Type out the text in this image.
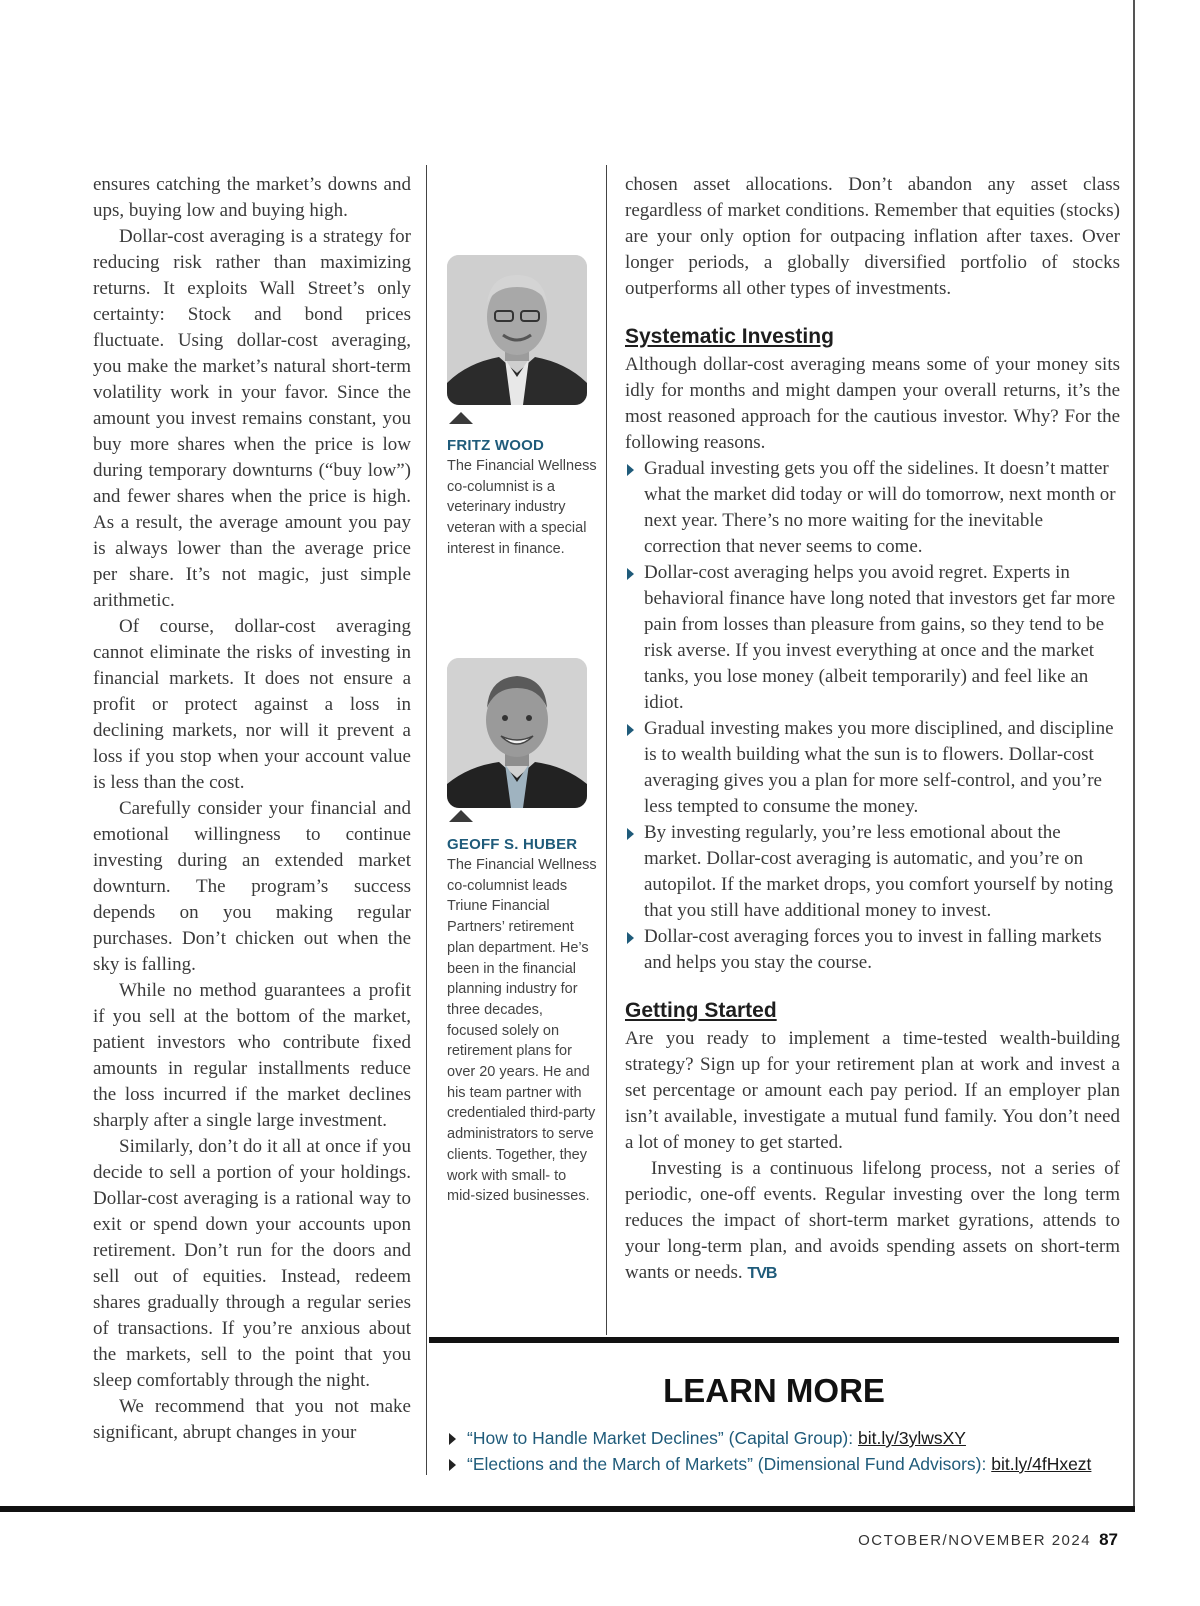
ensures catching the market’s downs and ups, buying low and buying high.

Dollar-cost averaging is a strategy for reducing risk rather than maximizing returns. It exploits Wall Street’s only certainty: Stock and bond prices fluctuate. Using dollar-cost averaging, you make the market’s natural short-term volatility work in your favor. Since the amount you invest remains constant, you buy more shares when the price is low during temporary downturns (“buy low”) and fewer shares when the price is high. As a result, the average amount you pay is always lower than the average price per share. It’s not magic, just simple arithmetic.

Of course, dollar-cost averaging cannot eliminate the risks of investing in financial markets. It does not ensure a profit or protect against a loss in declining markets, nor will it prevent a loss if you stop when your account value is less than the cost.

Carefully consider your financial and emotional willingness to continue investing during an extended market downturn. The program’s success depends on you making regular purchases. Don’t chicken out when the sky is falling.

While no method guarantees a profit if you sell at the bottom of the market, patient investors who contribute fixed amounts in regular installments reduce the loss incurred if the market declines sharply after a single large investment.

Similarly, don’t do it all at once if you decide to sell a portion of your holdings. Dollar-cost averaging is a rational way to exit or spend down your accounts upon retirement. Don’t run for the doors and sell out of equities. Instead, redeem shares gradually through a regular series of transactions. If you’re anxious about the markets, sell to the point that you sleep comfortably through the night.

We recommend that you not make significant, abrupt changes in your

FRITZ WOOD
The Financial Wellness co-columnist is a veterinary industry veteran with a special interest in finance.
GEOFF S. HUBER
The Financial Wellness co-columnist leads Triune Financial Partners’ retirement plan department. He’s been in the financial planning industry for three decades, focused solely on retirement plans for over 20 years. He and his team partner with credentialed third-party administrators to serve clients. Together, they work with small- to mid-sized businesses.

chosen asset allocations. Don’t abandon any asset class regardless of market conditions. Remember that equities (stocks) are your only option for outpacing inflation after taxes. Over longer periods, a globally diversified portfolio of stocks outperforms all other types of investments.

Systematic Investing

Although dollar-cost averaging means some of your money sits idly for months and might dampen your overall returns, it’s the most reasoned approach for the cautious investor. Why? For the following reasons.

Gradual investing gets you off the sidelines. It doesn’t matter what the market did today or will do tomorrow, next month or next year. There’s no more waiting for the inevitable correction that never seems to come.
Dollar-cost averaging helps you avoid regret. Experts in behavioral finance have long noted that investors get far more pain from losses than pleasure from gains, so they tend to be risk averse. If you invest everything at once and the market tanks, you lose money (albeit temporarily) and feel like an idiot.
Gradual investing makes you more disciplined, and discipline is to wealth building what the sun is to flowers. Dollar-cost averaging gives you a plan for more self-control, and you’re less tempted to consume the money.
By investing regularly, you’re less emotional about the market. Dollar-cost averaging is automatic, and you’re on autopilot. If the market drops, you comfort yourself by noting that you still have additional money to invest.
Dollar-cost averaging forces you to invest in falling markets and helps you stay the course.
Getting Started

Are you ready to implement a time-tested wealth-building strategy? Sign up for your retirement plan at work and invest a set percentage or amount each pay period. If an employer plan isn’t available, investigate a mutual fund family. You don’t need a lot of money to get started.

Investing is a continuous lifelong process, not a series of periodic, one-off events. Regular investing over the long term reduces the impact of short-term market gyrations, attends to your long-term plan, and avoids spending assets on short-term wants or needs. TVB

LEARN MORE
“How to Handle Market Declines” (Capital Group): bit.ly/3ylwsXY
“Elections and the March of Markets” (Dimensional Fund Advisors): bit.ly/4fHxezt
OCTOBER/NOVEMBER 2024 87
